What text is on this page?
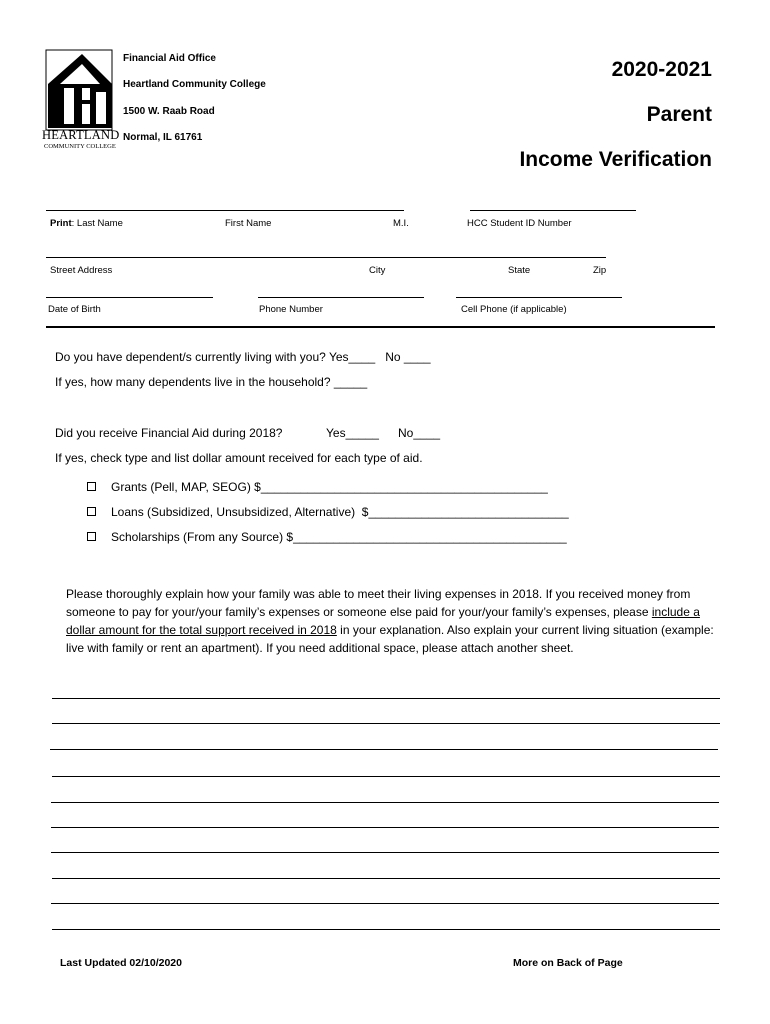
HEARTLAND
COMMUNITY COLLEGE
Financial Aid Office
Heartland Community College
1500 W. Raab Road
Normal, IL 61761
2020-2021
Parent
Income Verification
Print: Last Name	First Name	M.I.	HCC Student ID Number
Street Address	City	State	Zip
Date of Birth	Phone Number	Cell Phone (if applicable)
Do you have dependent/s currently living with you? Yes____   No ____
If yes, how many dependents live in the household? _____
Did you receive Financial Aid during 2018?	Yes_____ No____
If yes, check type and list dollar amount received for each type of aid.
Grants (Pell, MAP, SEOG) $___________________________________________
Loans (Subsidized, Unsubsidized, Alternative)  $______________________________
Scholarships (From any Source) $_________________________________________
Please thoroughly explain how your family was able to meet their living expenses in 2018. If you received money from someone to pay for your/your family’s expenses or someone else paid for your/your family’s expenses, please include a dollar amount for the total support received in 2018 in your explanation. Also explain your current living situation (example: live with family or rent an apartment). If you need additional space, please attach another sheet.
Last Updated 02/10/2020	More on Back of Page
